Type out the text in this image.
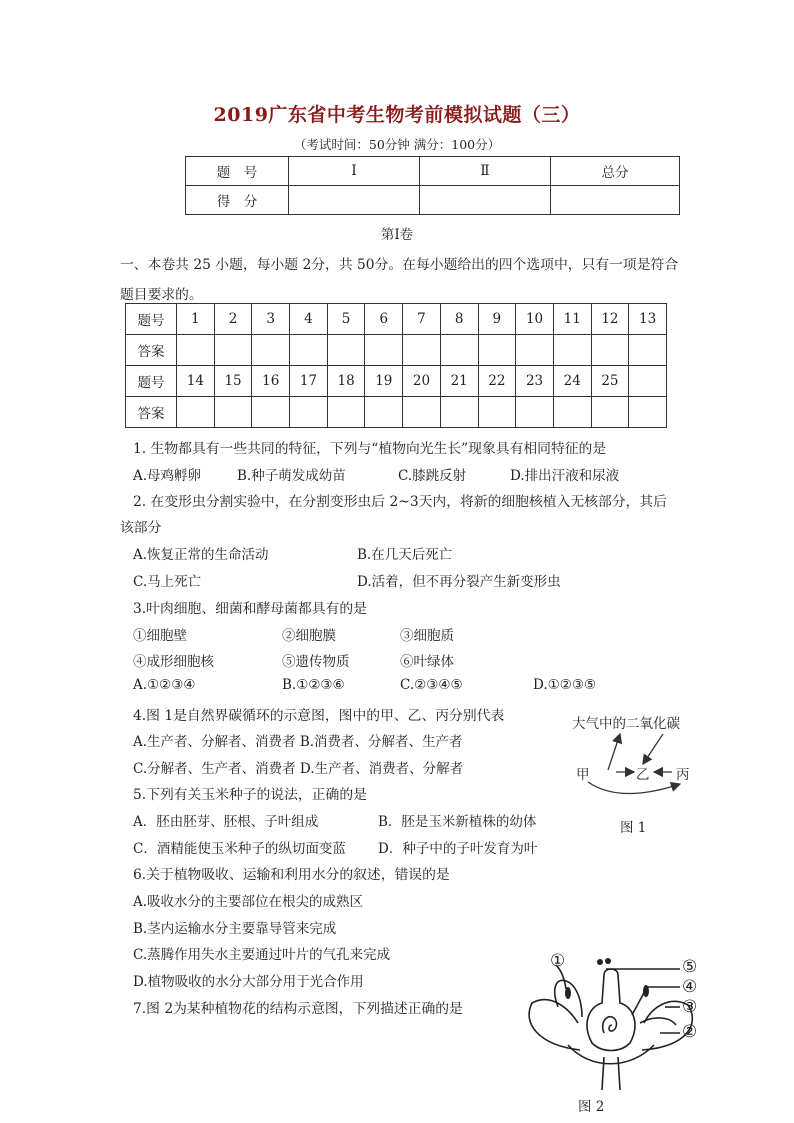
2019广东省中考生物考前模拟试题（三）
（考试时间：50分钟 满分：100分）
题　号	Ⅰ	Ⅱ	总分
得　分			
第Ⅰ卷
一、本卷共 25 小题，每小题 2分，共 50分。在每小题给出的四个选项中，只有一项是符合
题目要求的。
题号	1	2	3	4	5	6	7	8	9	10	11	12	13
答案													
题号	14	15	16	17	18	19	20	21	22	23	24	25	
答案													
1. 生物都具有一些共同的特征，下列与“植物向光生长”现象具有相同特征的是
A.母鸡孵卵	B.种子萌发成幼苗	C.膝跳反射	D.排出汗液和尿液
2. 在变形虫分割实验中，在分割变形虫后 2~3天内，将新的细胞核植入无核部分，其后
该部分
A.恢复正常的生命活动	B.在几天后死亡
C.马上死亡	D.活着，但不再分裂产生新变形虫
3.叶肉细胞、细菌和酵母菌都具有的是
①细胞壁	②细胞膜	③细胞质
④成形细胞核	⑤遗传物质	⑥叶绿体
A.①②③④	B.①②③⑥	C.②③④⑤	D.①②③⑤
4.图 1是自然界碳循环的示意图，图中的甲、乙、丙分别代表
A.生产者、分解者、消费者 B.消费者、分解者、生产者
C.分解者、生产者、消费者 D.生产者、消费者、分解者
大气中的二氧化碳
甲	乙 丙
图 1
5.下列有关玉米种子的说法，正确的是
A．胚由胚芽、胚根、子叶组成	B．胚是玉米新植株的幼体
C．酒精能使玉米种子的纵切面变蓝 D．种子中的子叶发育为叶
6.关于植物吸收、运输和利用水分的叙述，错误的是
A.吸收水分的主要部位在根尖的成熟区
B.茎内运输水分主要靠导管来完成
C.蒸腾作用失水主要通过叶片的气孔来完成
D.植物吸收的水分大部分用于光合作用
7.图 2为某种植物花的结构示意图，下列描述正确的是
①	⑤
④
③
②
图 2
